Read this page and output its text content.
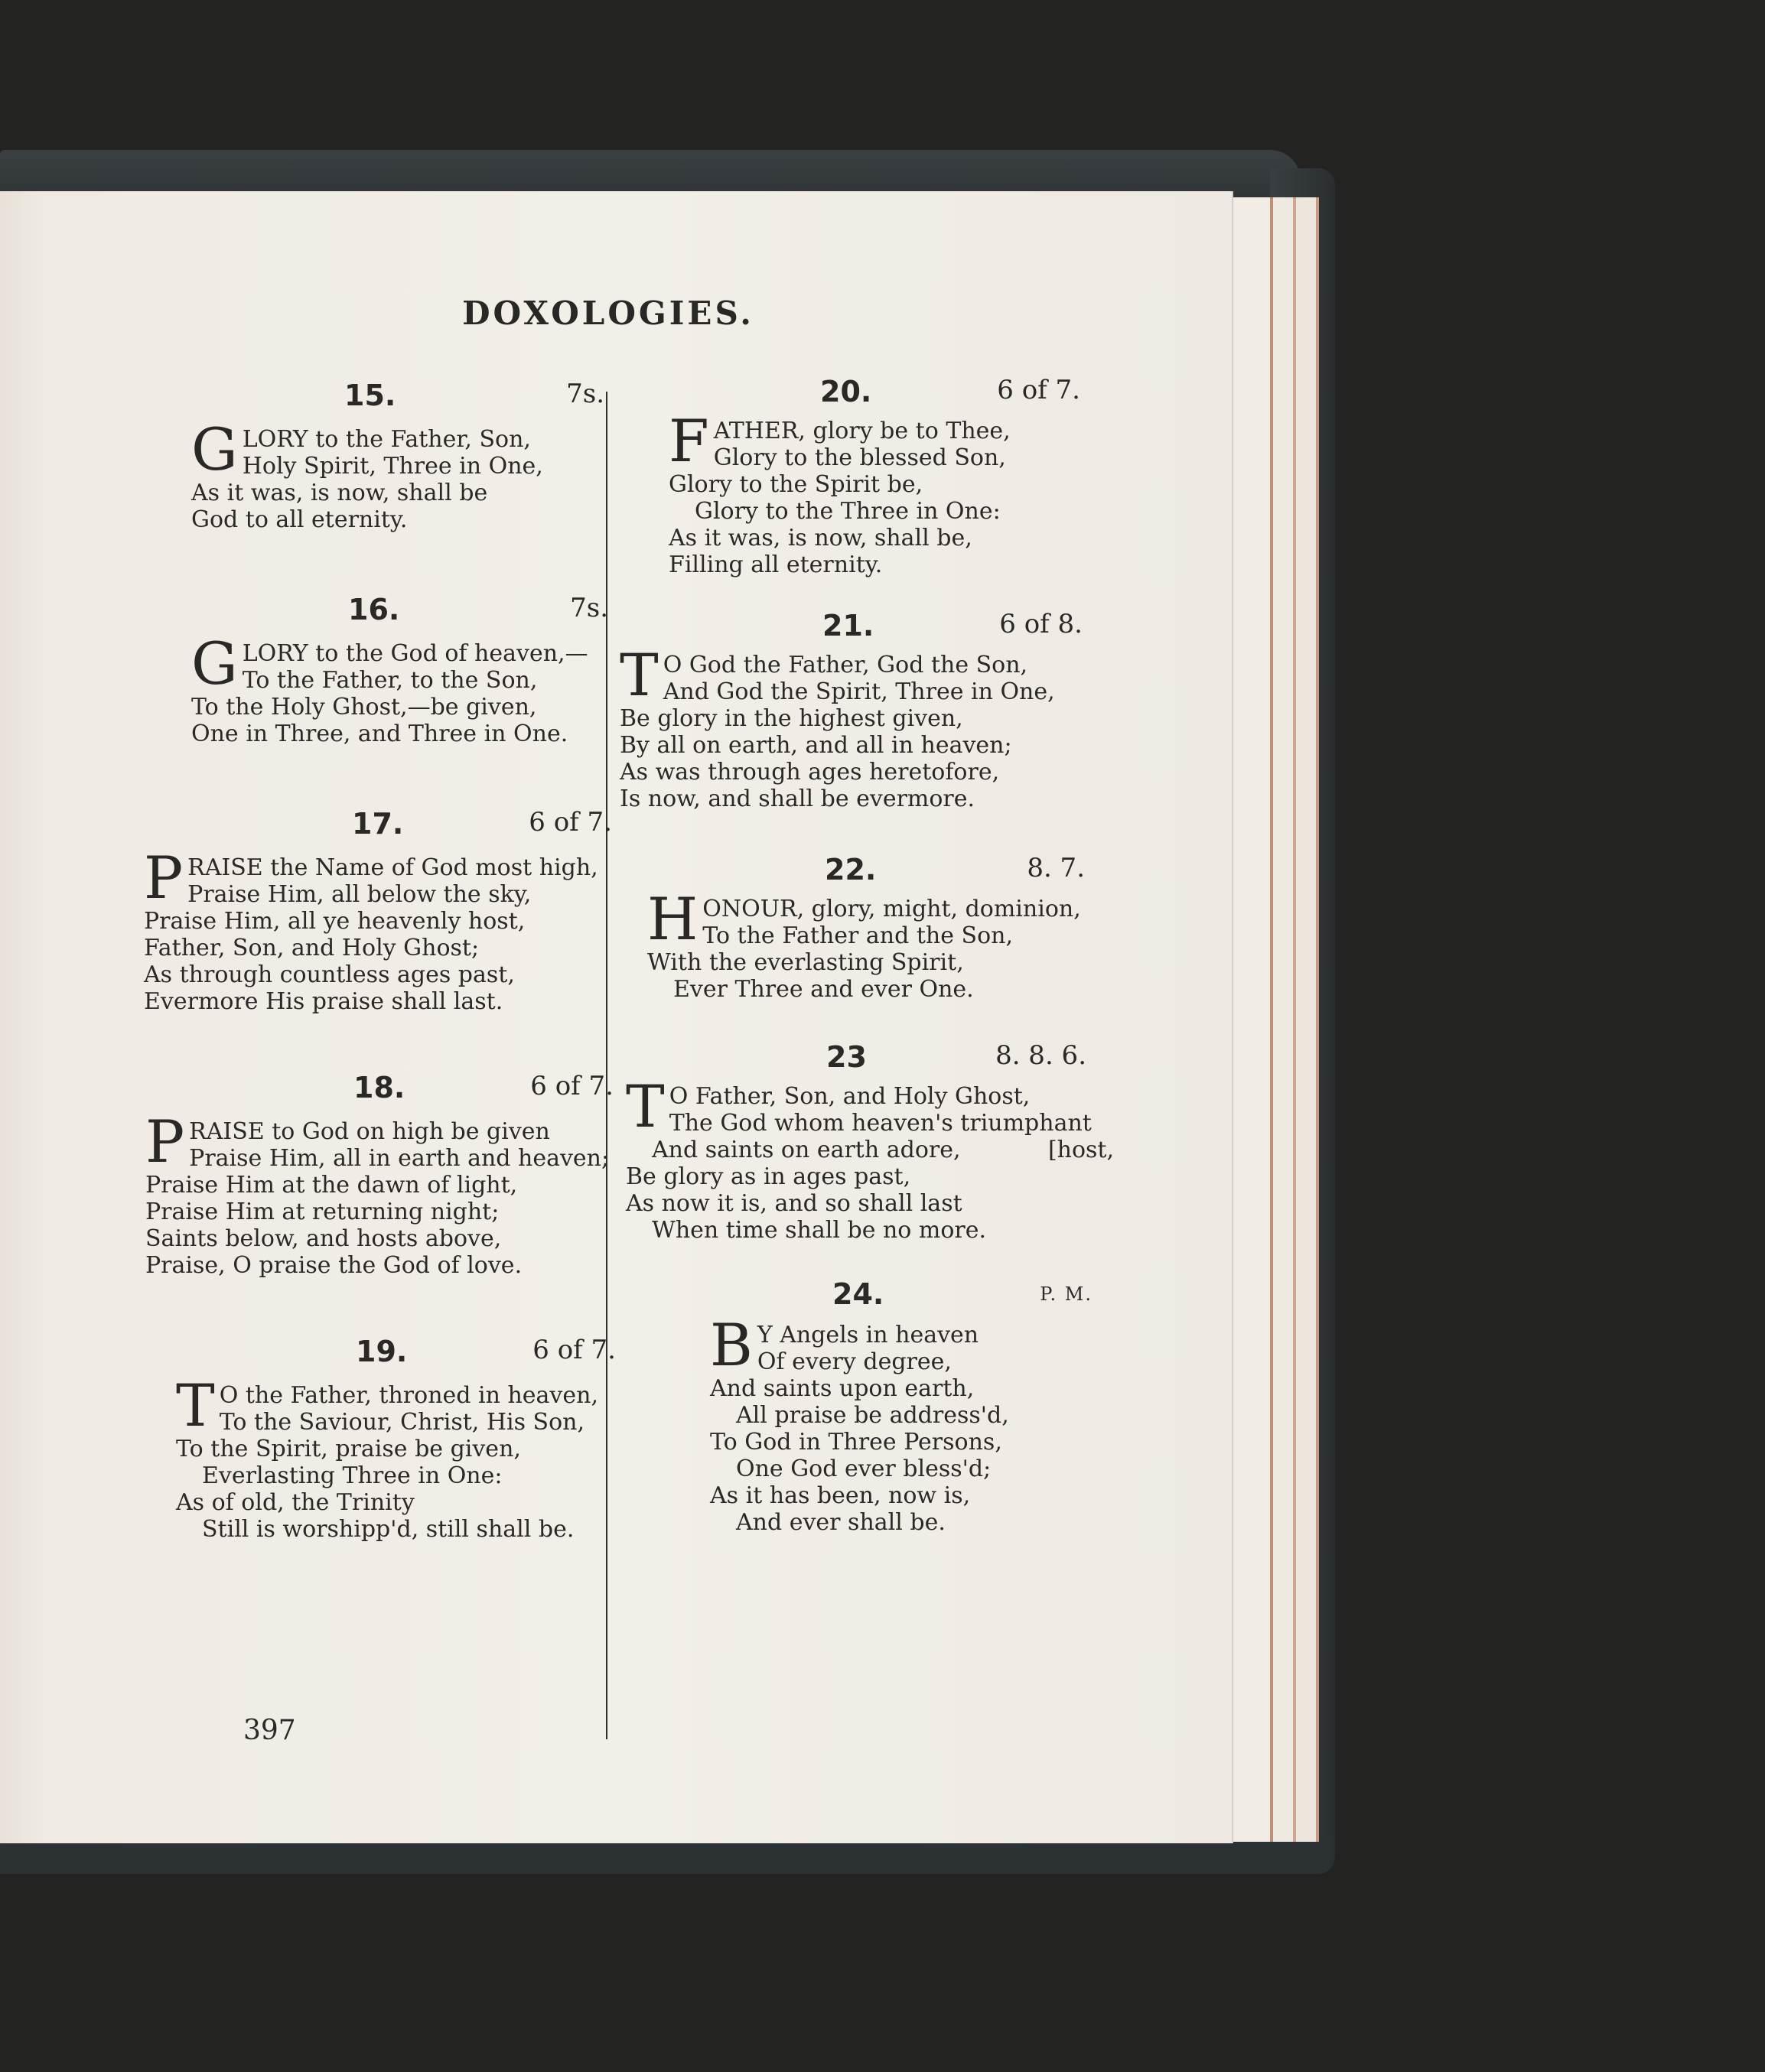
DOXOLOGIES.
15.	7s.
G LORY to the Father, Son,
Holy Spirit, Three in One,
As it was, is now, shall be
God to all eternity.
16.	7s.
G LORY to the God of heaven,—
To the Father, to the Son,
To the Holy Ghost,—be given,
One in Three, and Three in One.
17.	6 of 7.
P RAISE the Name of God most high,
Praise Him, all below the sky,
Praise Him, all ye heavenly host,
Father, Son, and Holy Ghost;
As through countless ages past,
Evermore His praise shall last.
18.	6 of 7.
P RAISE to God on high be given
Praise Him, all in earth and heaven;
Praise Him at the dawn of light,
Praise Him at returning night;
Saints below, and hosts above,
Praise, O praise the God of love.
19.	6 of 7.
T O the Father, throned in heaven,
To the Saviour, Christ, His Son,
To the Spirit, praise be given,
Everlasting Three in One:
As of old, the Trinity
Still is worshipp'd, still shall be.
20.	6 of 7.
F ATHER, glory be to Thee,
Glory to the blessed Son,
Glory to the Spirit be,
Glory to the Three in One:
As it was, is now, shall be,
Filling all eternity.
21.	6 of 8.
T O God the Father, God the Son,
And God the Spirit, Three in One,
Be glory in the highest given,
By all on earth, and all in heaven;
As was through ages heretofore,
Is now, and shall be evermore.
22.	8. 7.
H ONOUR, glory, might, dominion,
To the Father and the Son,
With the everlasting Spirit,
Ever Three and ever One.
23	8. 8. 6.
T O Father, Son, and Holy Ghost,
The God whom heaven's triumphant
And saints on earth adore,            [host,
Be glory as in ages past,
As now it is, and so shall last
When time shall be no more.
24.	P. M.
B Y Angels in heaven
Of every degree,
And saints upon earth,
All praise be address'd,
To God in Three Persons,
One God ever bless'd;
As it has been, now is,
And ever shall be.
397
